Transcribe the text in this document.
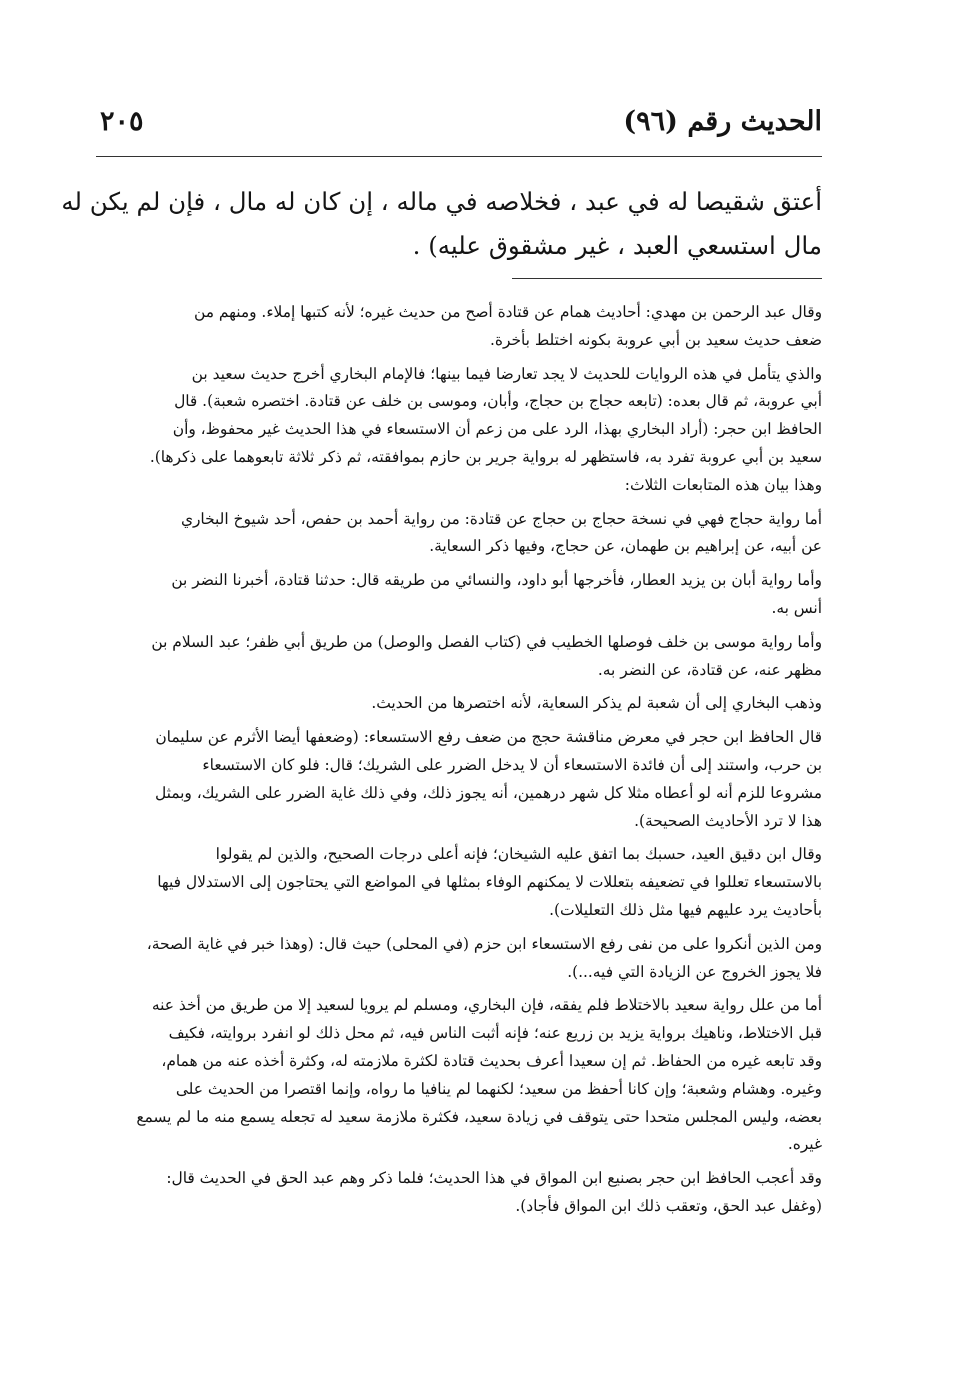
الحديث رقم (٩٦)
٢٠٥
أعتق شقيصا له في عبد ، فخلاصه في ماله ، إن كان له مال ، فإن لم يكن له
مال استسعي العبد ، غير مشقوق عليه) .

وقال عبد الرحمن بن مهدي: أحاديث همام عن قتادة أصح من حديث غيره؛ لأنه كتبها إملاء. ومنهم من
ضعف حديث سعيد بن أبي عروبة بكونه اختلط بأخرة.

والذي يتأمل في هذه الروايات للحديث لا يجد تعارضا فيما بينها؛ فالإمام البخاري أخرج حديث سعيد بن
أبي عروبة، ثم قال بعده: (تابعه حجاج بن حجاج، وأبان، وموسى بن خلف عن قتادة. اختصره شعبة). قال
الحافظ ابن حجر: (أراد البخاري بهذا، الرد على من زعم أن الاستسعاء في هذا الحديث غير محفوظ، وأن
سعيد بن أبي عروبة تفرد به، فاستظهر له برواية جرير بن حازم بموافقته، ثم ذكر ثلاثة تابعوهما على ذكرها).
وهذا بيان هذه المتابعات الثلاث:

أما رواية حجاج فهي في نسخة حجاج بن حجاج عن قتادة: من رواية أحمد بن حفص، أحد شيوخ البخاري
عن أبيه، عن إبراهيم بن طهمان، عن حجاج، وفيها ذكر السعاية.

وأما رواية أبان بن يزيد العطار، فأخرجها أبو داود، والنسائي من طريقه قال: حدثنا قتادة، أخبرنا النضر بن
أنس به.

وأما رواية موسى بن خلف فوصلها الخطيب في (كتاب الفصل والوصل) من طريق أبي ظفر؛ عبد السلام بن
مظهر عنه، عن قتادة، عن النضر به.

وذهب البخاري إلى أن شعبة لم يذكر السعاية، لأنه اختصرها من الحديث.

قال الحافظ ابن حجر في معرض مناقشة حجج من ضعف رفع الاستسعاء: (وضعفها أيضا الأثرم عن سليمان
بن حرب، واستند إلى أن فائدة الاستسعاء أن لا يدخل الضرر على الشريك؛ قال: فلو كان الاستسعاء
مشروعا للزم أنه لو أعطاه مثلا كل شهر درهمين، أنه يجوز ذلك، وفي ذلك غاية الضرر على الشريك، وبمثل
هذا لا ترد الأحاديث الصحيحة).

وقال ابن دقيق العيد، حسبك بما اتفق عليه الشيخان؛ فإنه أعلى درجات الصحيح، والذين لم يقولوا
بالاستسعاء تعللوا في تضعيفه بتعللات لا يمكنهم الوفاء بمثلها في المواضع التي يحتاجون إلى الاستدلال فيها
بأحاديث يرد عليهم فيها مثل ذلك التعليلات).

ومن الذين أنكروا على من نفى رفع الاستسعاء ابن حزم (في المحلى) حيث قال: (وهذا خبر في غاية الصحة،
فلا يجوز الخروج عن الزيادة التي فيه...).

أما من علل رواية سعيد بالاختلاط فلم يفقه، فإن البخاري، ومسلم لم يرويا لسعيد إلا من طريق من أخذ عنه
قبل الاختلاط، وناهيك برواية يزيد بن زريع عنه؛ فإنه أثبت الناس فيه، ثم محل ذلك لو انفرد بروايته، فكيف
وقد تابعه غيره من الحفاظ. ثم إن سعيدا أعرف بحديث قتادة لكثرة ملازمته له، وكثرة أخذه عنه من همام،
وغيره. وهشام وشعبة؛ وإن كانا أحفظ من سعيد؛ لكنهما لم ينافيا ما رواه، وإنما اقتصرا من الحديث على
بعضه، وليس المجلس متحدا حتى يتوقف في زيادة سعيد، فكثرة ملازمة سعيد له تجعله يسمع منه ما لم يسمع
غيره.

وقد أعجب الحافظ ابن حجر بصنيع ابن المواق في هذا الحديث؛ فلما ذكر وهم عبد الحق في الحديث قال:
(وغفل عبد الحق، وتعقب ذلك ابن المواق فأجاد).
